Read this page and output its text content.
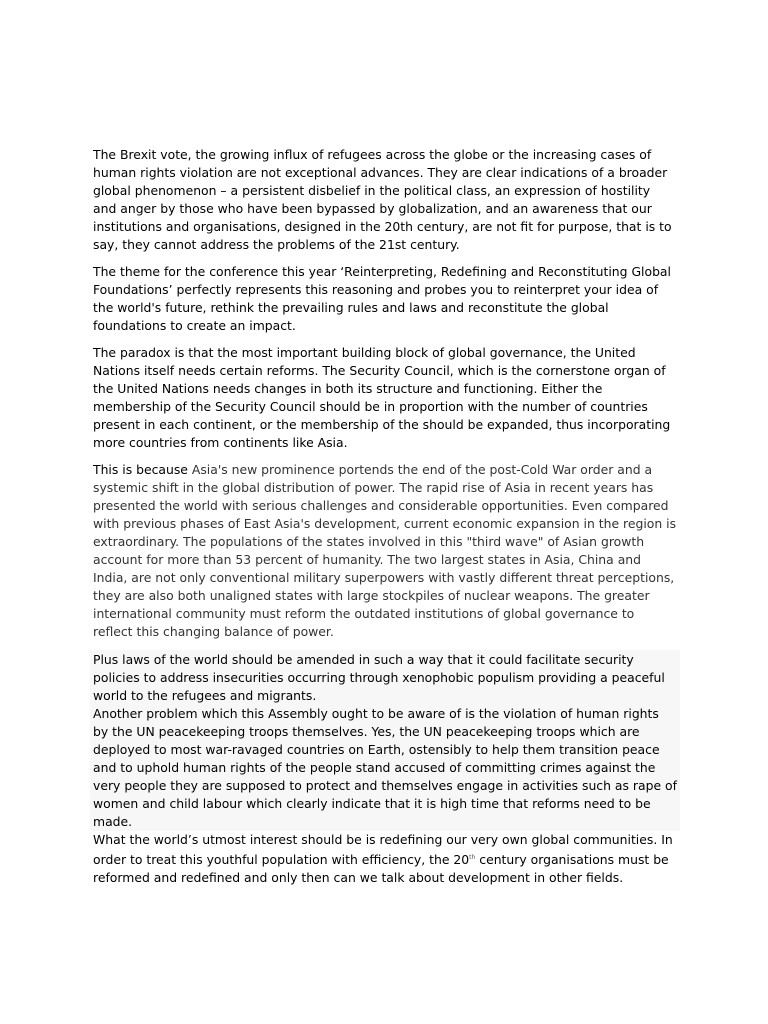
The Brexit vote, the growing influx of refugees across the globe or the increasing cases of human rights violation are not exceptional advances. They are clear indications of a broader global phenomenon – a persistent disbelief in the political class, an expression of hostility and anger by those who have been bypassed by globalization, and an awareness that our institutions and organisations, designed in the 20th century, are not fit for purpose, that is to say, they cannot address the problems of the 21st century.

The theme for the conference this year ‘Reinterpreting, Redefining and Reconstituting Global Foundations’ perfectly represents this reasoning and probes you to reinterpret your idea of the world's future, rethink the prevailing rules and laws and reconstitute the global foundations to create an impact.

The paradox is that the most important building block of global governance, the United Nations itself needs certain reforms. The Security Council, which is the cornerstone organ of the United Nations needs changes in both its structure and functioning. Either the membership of the Security Council should be in proportion with the number of countries present in each continent, or the membership of the should be expanded, thus incorporating more countries from continents like Asia.

This is because Asia's new prominence portends the end of the post-Cold War order and a systemic shift in the global distribution of power. The rapid rise of Asia in recent years has presented the world with serious challenges and considerable opportunities. Even compared with previous phases of East Asia's development, current economic expansion in the region is extraordinary. The populations of the states involved in this "third wave" of Asian growth account for more than 53 percent of humanity. The two largest states in Asia, China and India, are not only conventional military superpowers with vastly different threat perceptions, they are also both unaligned states with large stockpiles of nuclear weapons. The greater international community must reform the outdated institutions of global governance to reflect this changing balance of power.

Plus laws of the world should be amended in such a way that it could facilitate security policies to address insecurities occurring through xenophobic populism providing a peaceful world to the refugees and migrants.

Another problem which this Assembly ought to be aware of is the violation of human rights by the UN peacekeeping troops themselves. Yes, the UN peacekeeping troops which are deployed to most war-ravaged countries on Earth, ostensibly to help them transition peace and to uphold human rights of the people stand accused of committing crimes against the very people they are supposed to protect and themselves engage in activities such as rape of women and child labour which clearly indicate that it is high time that reforms need to be made.

What the world’s utmost interest should be is redefining our very own global communities. In order to treat this youthful population with efficiency, the 20th century organisations must be reformed and redefined and only then can we talk about development in other fields.
